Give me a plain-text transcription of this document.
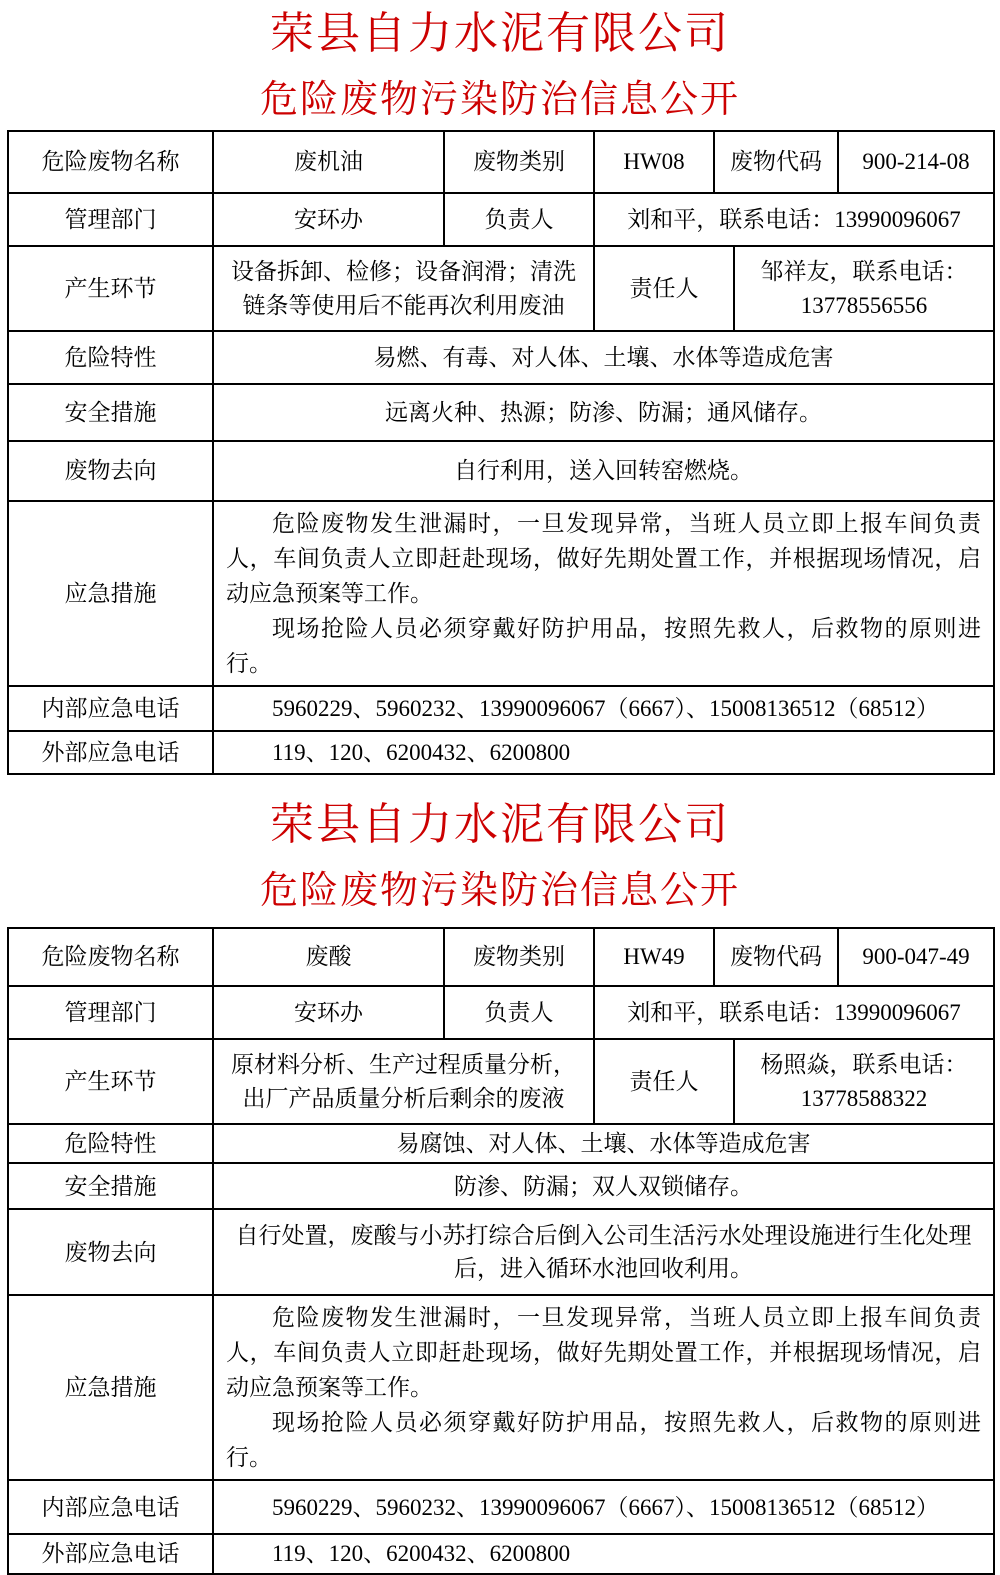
荣县自力水泥有限公司
危险废物污染防治信息公开
危险废物名称	废机油	废物类别	HW08	废物代码		900-214-08
管理部门	安环办	负责人	刘和平，联系电话：13990096067			
产生环节	设备拆卸、检修；设备润滑；清洗链条等使用后不能再次利用废油		责任人		邹祥友，联系电话：13778556556	
危险特性	易燃、有毒、对人体、土壤、水体等造成危害					
安全措施	远离火种、热源；防渗、防漏；通风储存。					
废物去向	自行利用，送入回转窑燃烧。					
应急措施	危险废物发生泄漏时，一旦发现异常，当班人员立即上报车间负责人，车间负责人立即赶赴现场，做好先期处置工作，并根据现场情况，启动应急预案等工作。

现场抢险人员必须穿戴好防护用品，按照先救人，后救物的原则进行。					

内部应急电话	5960229、5960232、13990096067（6667）、15008136512（68512）					
外部应急电话	119、120、6200432、6200800					
荣县自力水泥有限公司
危险废物污染防治信息公开
危险废物名称	废酸	废物类别	HW49	废物代码		900-047-49
管理部门	安环办	负责人	刘和平，联系电话：13990096067			
产生环节	原材料分析、生产过程质量分析，出厂产品质量分析后剩余的废液		责任人		杨照焱，联系电话：13778588322	
危险特性	易腐蚀、对人体、土壤、水体等造成危害					
安全措施	防渗、防漏；双人双锁储存。					
废物去向	自行处置，废酸与小苏打综合后倒入公司生活污水处理设施进行生化处理后，进入循环水池回收利用。					
应急措施	危险废物发生泄漏时，一旦发现异常，当班人员立即上报车间负责人，车间负责人立即赶赴现场，做好先期处置工作，并根据现场情况，启动应急预案等工作。

现场抢险人员必须穿戴好防护用品，按照先救人，后救物的原则进行。					

内部应急电话	5960229、5960232、13990096067（6667）、15008136512（68512）					
外部应急电话	119、120、6200432、6200800					
